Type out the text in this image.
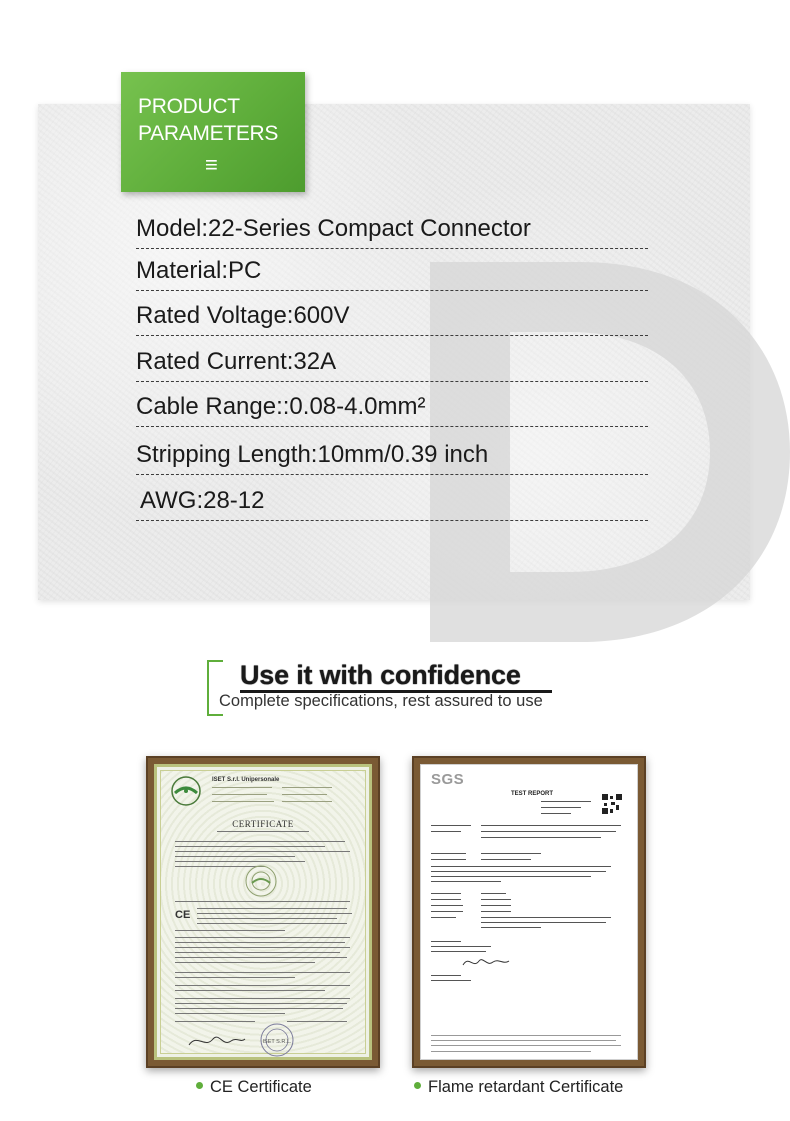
PRODUCT
PARAMETERS
≡
Model:22-Series Compact Connector
Material:PC
Rated Voltage:600V
Rated Current:32A
Cable Range::0.08-4.0mm²
Stripping Length:10mm/0.39 inch
AWG:28-12
Use it with confidence
Complete specifications, rest assured to use
ISET S.r.l. Unipersonale
CERTIFICATE
CE
ISET S.R.L.
SGS
TEST REPORT
CE Certificate	Flame retardant Certificate
